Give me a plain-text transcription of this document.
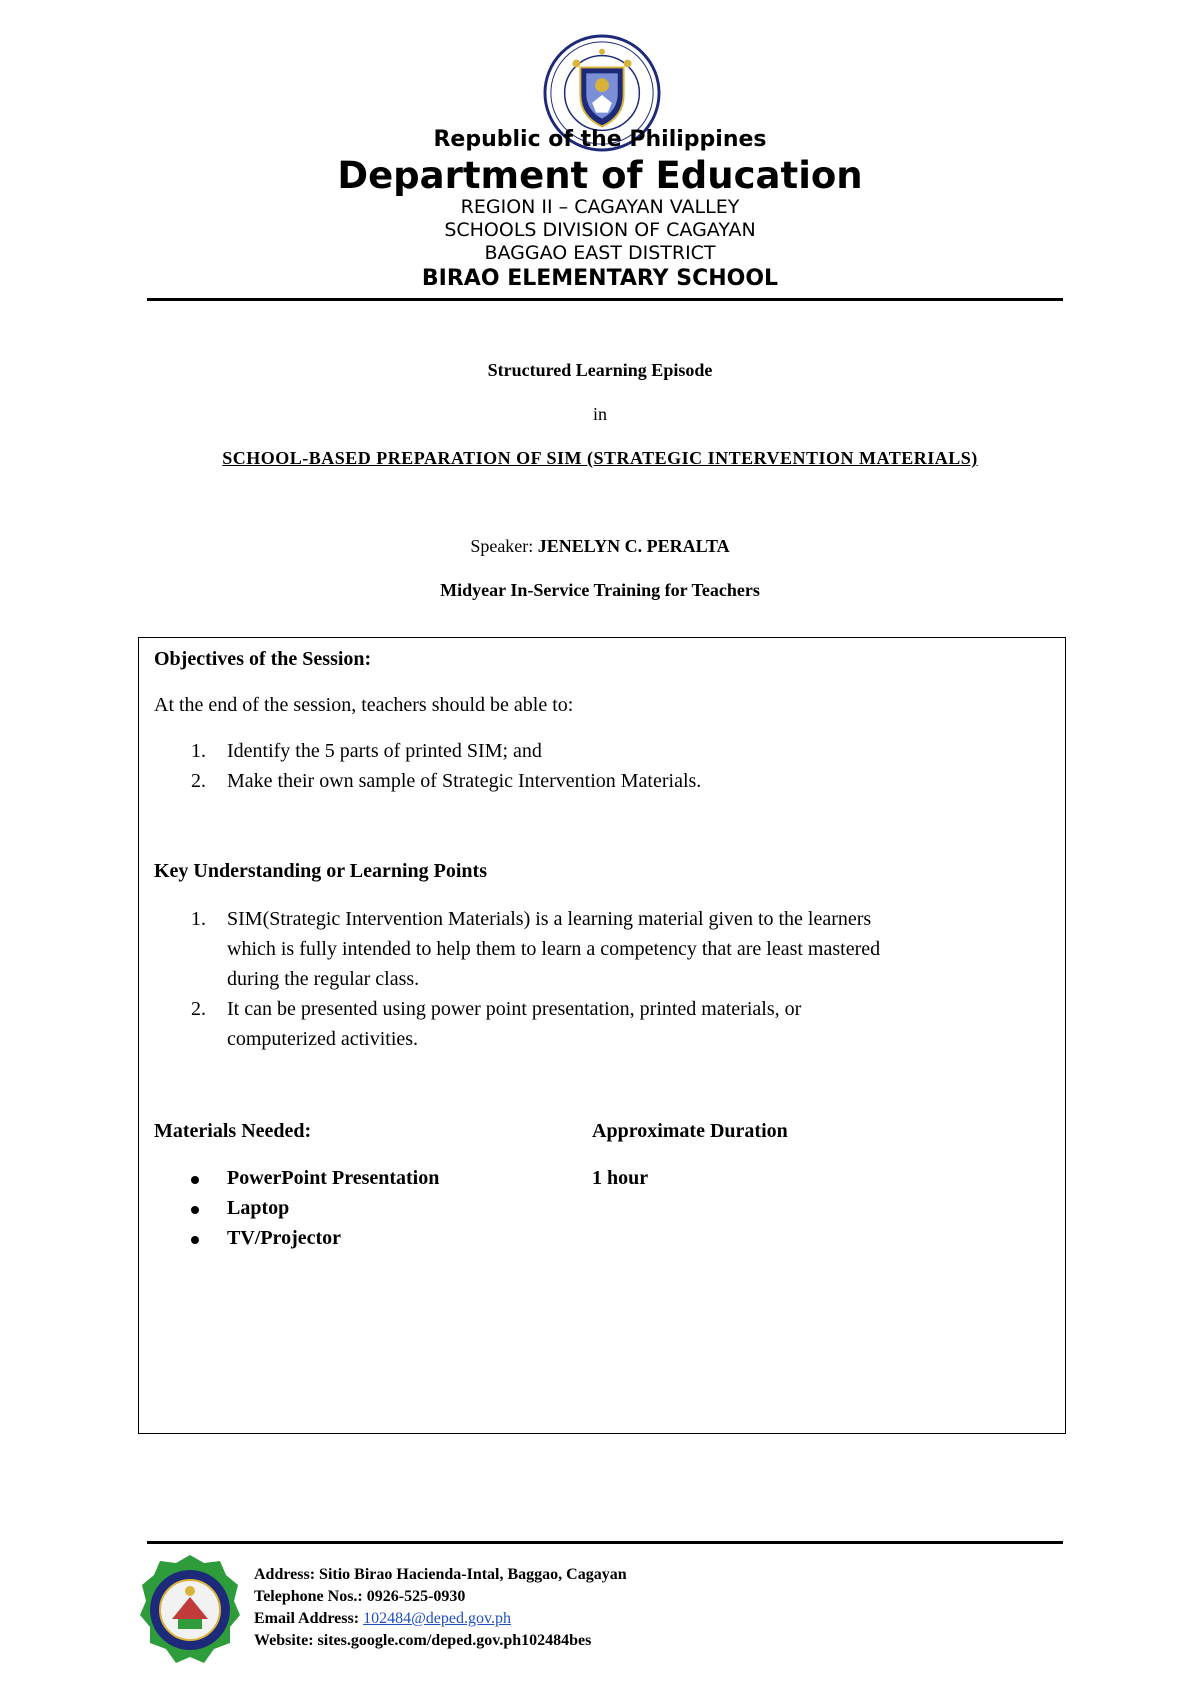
Republic of the Philippines

Department of Education

REGION II – CAGAYAN VALLEY

SCHOOLS DIVISION OF CAGAYAN

BAGGAO EAST DISTRICT

BIRAO ELEMENTARY SCHOOL

Structured Learning Episode

in

SCHOOL-BASED PREPARATION OF SIM (STRATEGIC INTERVENTION MATERIALS)

Speaker: JENELYN C. PERALTA

Midyear In-Service Training for Teachers

Objectives of the Session:

At the end of the session, teachers should be able to:

1. Identify the 5 parts of printed SIM; and

2. Make their own sample of Strategic Intervention Materials.

Key Understanding or Learning Points

1. SIM(Strategic Intervention Materials) is a learning material given to the learners

which is fully intended to help them to learn a competency that are least mastered

during the regular class.

2. It can be presented using power point presentation, printed materials, or

computerized activities.

Materials Needed:	Approximate Duration

PowerPoint Presentation

Laptop

TV/Projector

1 hour

Address: Sitio Birao Hacienda-Intal, Baggao, Cagayan

Telephone Nos.: 0926-525-0930

Email Address: 102484@deped.gov.ph

Website: sites.google.com/deped.gov.ph102484bes
